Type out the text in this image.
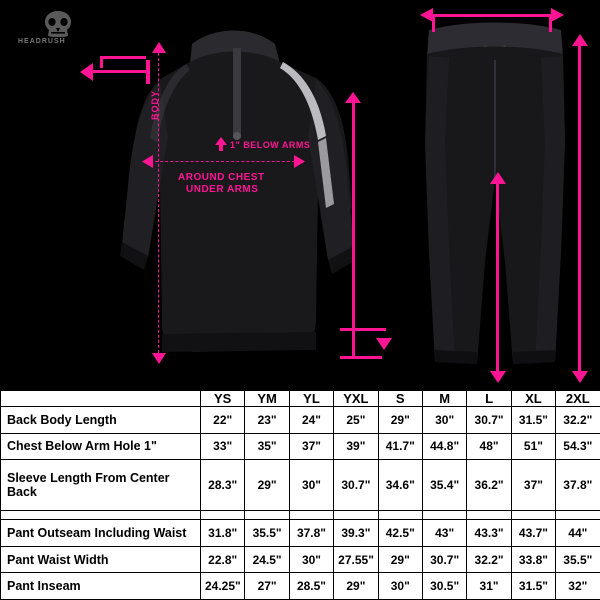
HEADRUSH
BODY
1" BELOW ARMS
AROUND CHEST
UNDER ARMS
	YS	YM	YL	YXL	S	M	L	XL	2XL
Back Body Length	22"	23"	24"	25"	29"	30"	30.7"	31.5"	32.2"
Chest Below Arm Hole 1"	33"	35"	37"	39"	41.7"	44.8"	48"	51"	54.3"
Sleeve Length From Center Back	28.3"	29"	30"	30.7"	34.6"	35.4"	36.2"	37"	37.8"

Pant Outseam Including Waist	31.8"	35.5"	37.8"	39.3"	42.5"	43"	43.3"	43.7"	44"
Pant Waist Width	22.8"	24.5"	30"	27.55"	29"	30.7"	32.2"	33.8"	35.5"
Pant Inseam	24.25"	27"	28.5"	29"	30"	30.5"	31"	31.5"	32"
